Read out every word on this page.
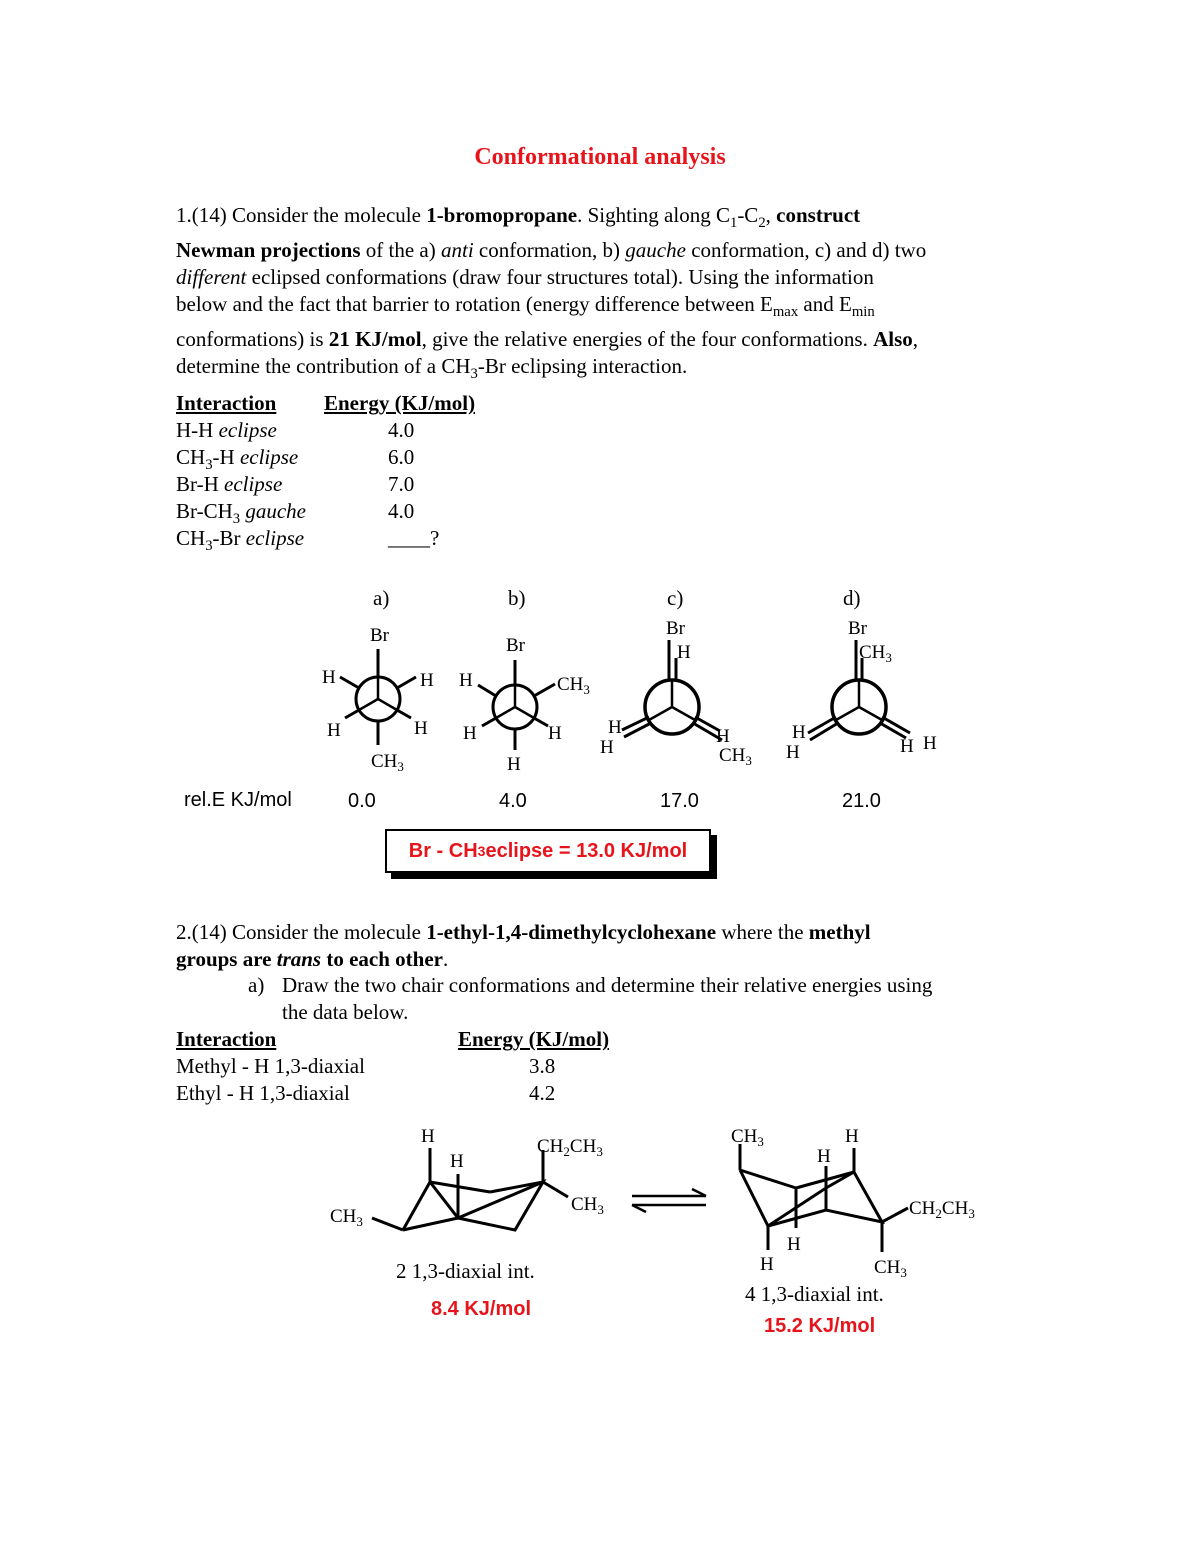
Conformational analysis

1.(14) Consider the molecule 1-bromopropane. Sighting along $C_1-C_2$, construct

Newman projections of the a) anti conformation, b) gauche conformation, c) and d) two

different eclipsed conformations (draw four structures total). Using the information

below and the fact that barrier to rotation (energy difference between $E_{max}$ and $E_{min}$

conformations) is 21 KJ/mol, give the relative energies of the four conformations. Also,

determine the contribution of a $CH_3-Br$ eclipsing interaction.

Interaction Energy (KJ/mol)
H-H eclipse	4.0
$CH_3-H$ eclipse	6.0
Br-H eclipse	7.0
$Br-CH_3$ gauche	4.0
$CH_3-Br$ eclipse	____?
a)	b)	c)	d)
Br
H	H
H	H
$CH_3$
Br
H	$CH_3$
H	H
H
Br
H
H
H
H
$CH_3$
Br
$CH_3$
H
H	H H
H
H
$CH_2CH_3$
$CH_3$
$CH_3$
$CH_3$	H
H
$CH_2CH_3$
H
H	$CH_3$
rel.E KJ/mol	0.0	4.0	17.0	21.0
Br - CH 3 eclipse = 13.0 KJ/mol

2.(14) Consider the molecule 1-ethyl-1,4-dimethylcyclohexane where the methyl

groups are trans to each other.

a) Draw the two chair conformations and determine their relative energies using
the data below.
Interaction	Energy (KJ/mol)
Methyl - H 1,3-diaxial	3.8
Ethyl - H 1,3-diaxial	4.2
2 1,3-diaxial int.
8.4 KJ/mol
4 1,3-diaxial int.
15.2 KJ/mol
